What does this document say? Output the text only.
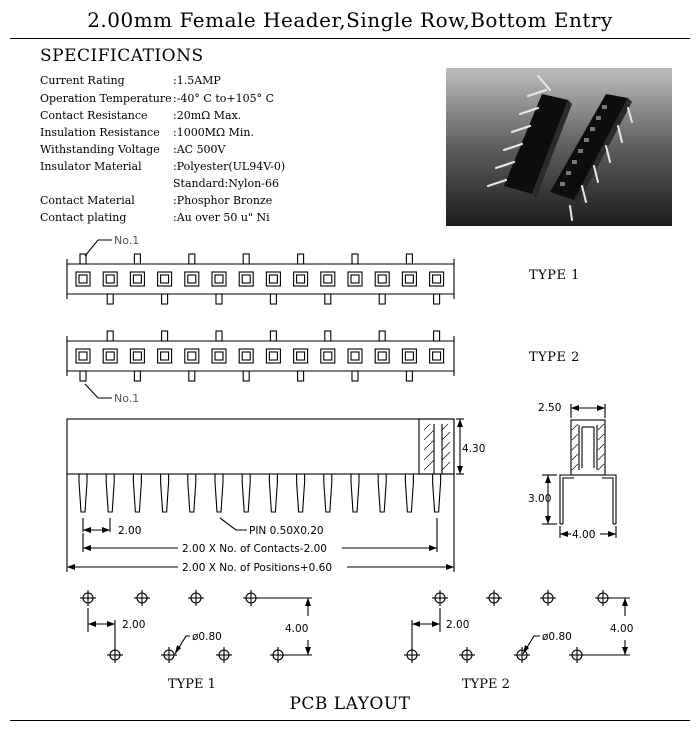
2.00mm Female Header,Single Row,Bottom Entry
SPECIFICATIONS
Current Rating	:1.5AMP
Operation Temperature:-40° C to+105° C
Contact Resistance :20mΩ Max.
Insulation Resistance :1000MΩ Min.
Withstanding Voltage :AC 500V
Insulator Material	:Polyester(UL94V-0)
Standard:Nylon-66
Contact Material	:Phosphor Bronze
Contact plating	:Au over 50 u" Ni
TYPE 1
TYPE 2
No.1
No.1
4.30
2.00	PIN 0.50X0.20
2.00 X No. of Contacts-2.00
2.00 X No. of Positions+0.60
2.50
3.00
4.00
2.00
ø0.80
4.00	2.00
ø0.80
4.00
TYPE 1	TYPE 2
PCB LAYOUT
